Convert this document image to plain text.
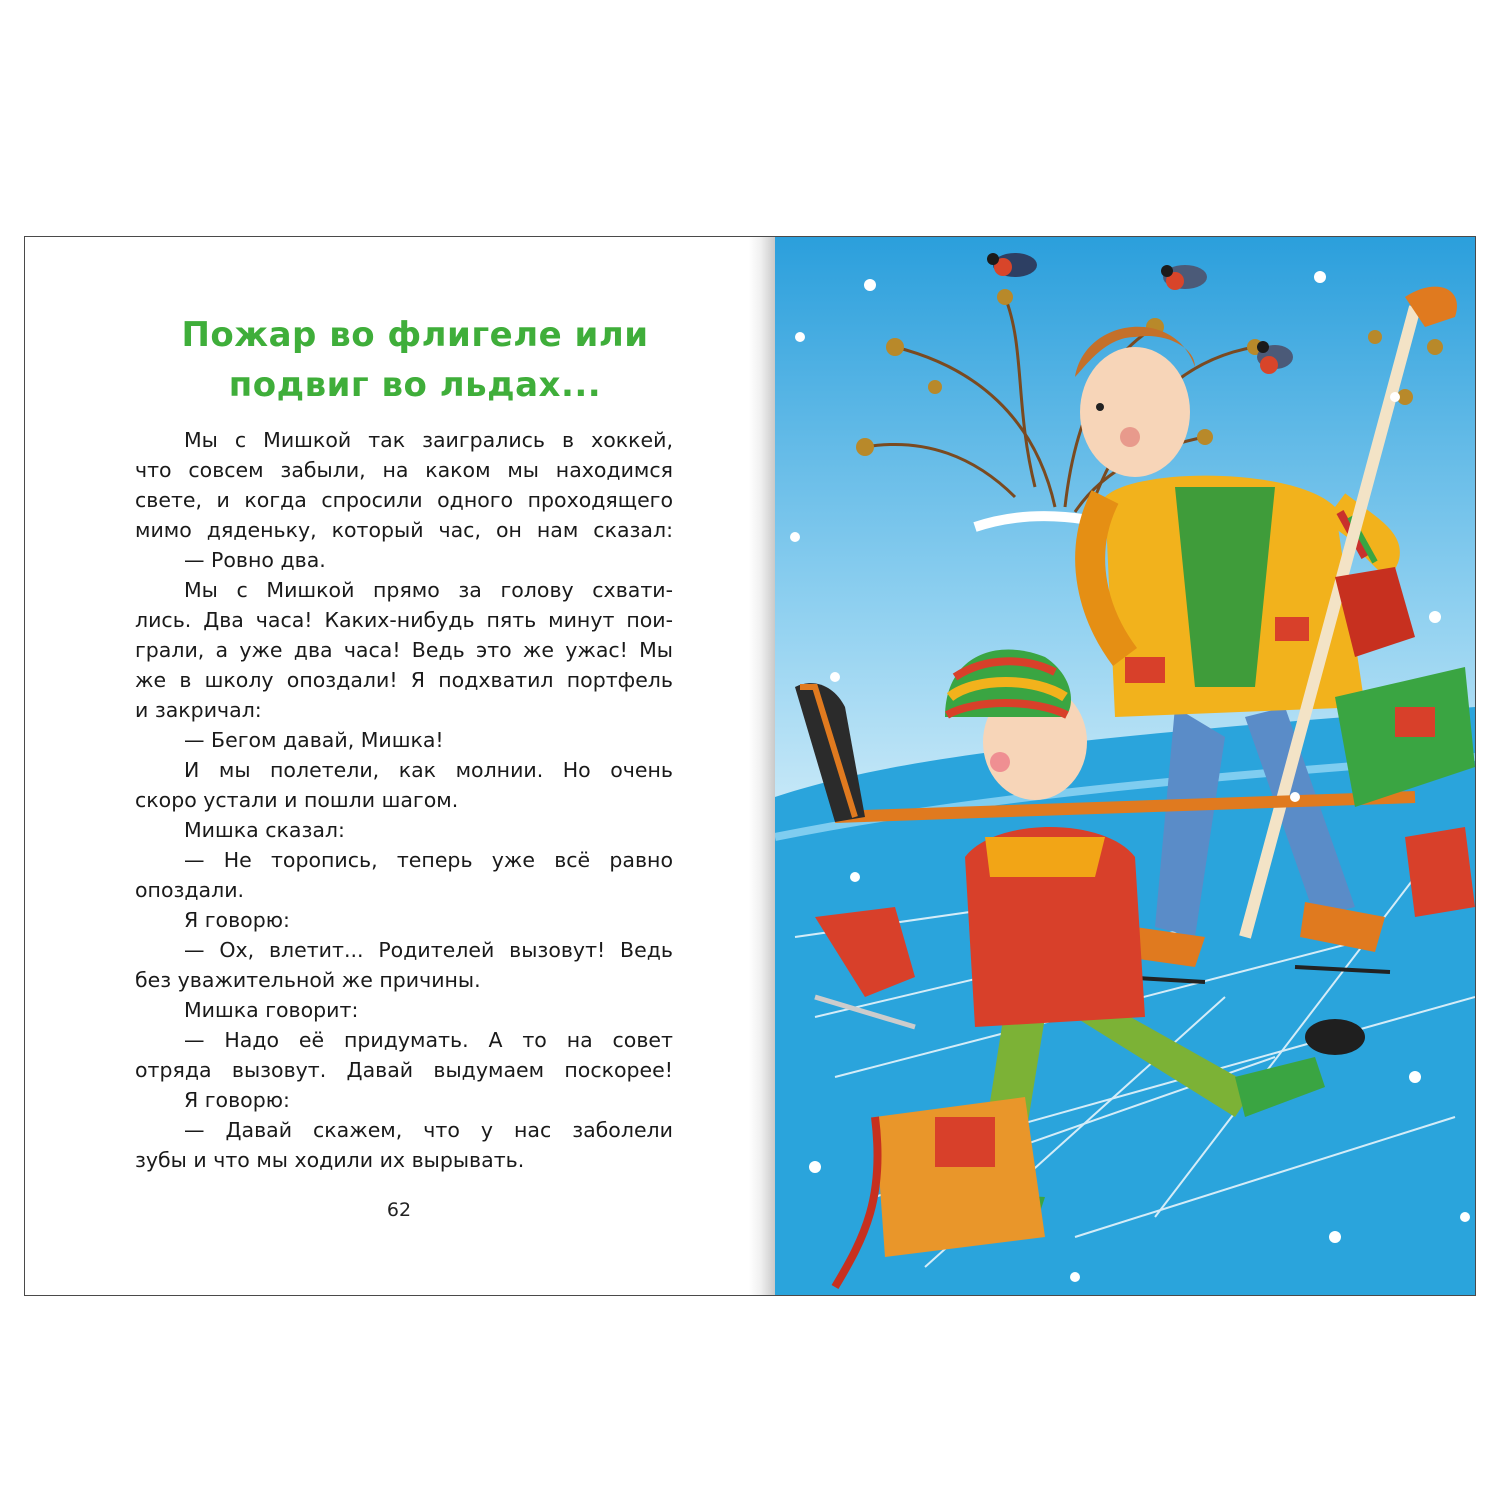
Пожар во флигеле или
подвиг во льдах...

Мы с Мишкой так заигрались в хоккей,

что совсем забыли, на каком мы находимся

свете, и когда спросили одного проходящего

мимо дяденьку, который час, он нам сказал:

— Ровно два.

Мы с Мишкой прямо за голову схвати-

лись. Два часа! Каких-нибудь пять минут пои-

грали, а уже два часа! Ведь это же ужас! Мы

же в школу опоздали! Я подхватил портфель

и закричал:

— Бегом давай, Мишка!

И мы полетели, как молнии. Но очень

скоро устали и пошли шагом.

Мишка сказал:

— Не торопись, теперь уже всё равно

опоздали.

Я говорю:

— Ох, влетит... Родителей вызовут! Ведь

без уважительной же причины.

Мишка говорит:

— Надо её придумать. А то на совет

отряда вызовут. Давай выдумаем поскорее!

Я говорю:

— Давай скажем, что у нас заболели

зубы и что мы ходили их вырывать.

62
